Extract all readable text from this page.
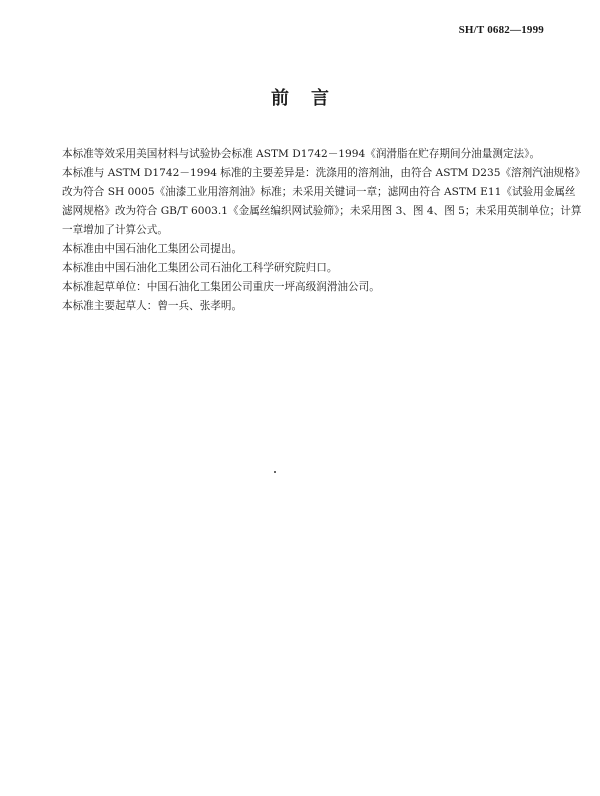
SH/T 0682—1999
前言

本标准等效采用美国材料与试验协会标准 ASTM D1742－1994《润滑脂在贮存期间分油量测定法》。

本标准与 ASTM D1742－1994 标准的主要差异是：洗涤用的溶剂油，由符合 ASTM D235《溶剂汽油规格》改为符合 SH 0005《油漆工业用溶剂油》标准；未采用关键词一章；滤网由符合 ASTM E11《试验用金属丝滤网规格》改为符合 GB/T 6003.1《金属丝编织网试验筛》；未采用图 3、图 4、图 5；未采用英制单位；计算一章增加了计算公式。

本标准由中国石油化工集团公司提出。

本标准由中国石油化工集团公司石油化工科学研究院归口。

本标准起草单位：中国石油化工集团公司重庆一坪高级润滑油公司。

本标准主要起草人：曾一兵、张孝明。
